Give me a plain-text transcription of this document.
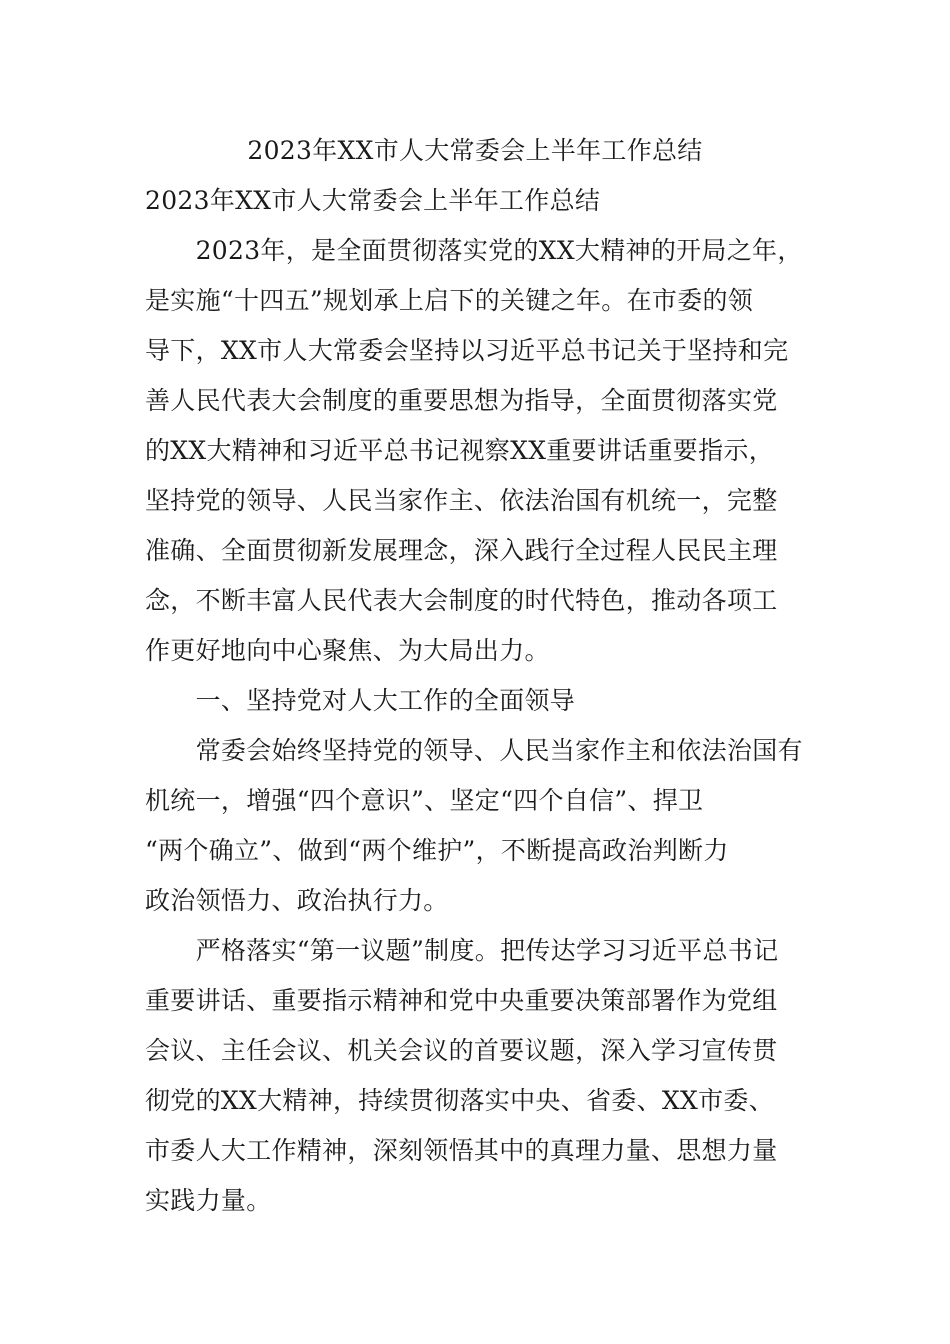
2023年XX市人大常委会上半年工作总结
2023年XX市人大常委会上半年工作总结
　　2023年，是全面贯彻落实党的XX大精神的开局之年，
是实施“十四五”规划承上启下的关键之年。在市委的领
导下，XX市人大常委会坚持以习近平总书记关于坚持和完
善人民代表大会制度的重要思想为指导，全面贯彻落实党
的XX大精神和习近平总书记视察XX重要讲话重要指示，
坚持党的领导、人民当家作主、依法治国有机统一，完整
准确、全面贯彻新发展理念，深入践行全过程人民民主理
念，不断丰富人民代表大会制度的时代特色，推动各项工
作更好地向中心聚焦、为大局出力。
　　一、坚持党对人大工作的全面领导
　　常委会始终坚持党的领导、人民当家作主和依法治国有
机统一，增强“四个意识”、坚定“四个自信”、捍卫
“两个确立”、做到“两个维护”，不断提高政治判断力
政治领悟力、政治执行力。
　　严格落实“第一议题”制度。把传达学习习近平总书记
重要讲话、重要指示精神和党中央重要决策部署作为党组
会议、主任会议、机关会议的首要议题，深入学习宣传贯
彻党的XX大精神，持续贯彻落实中央、省委、XX市委、
市委人大工作精神，深刻领悟其中的真理力量、思想力量
实践力量。
